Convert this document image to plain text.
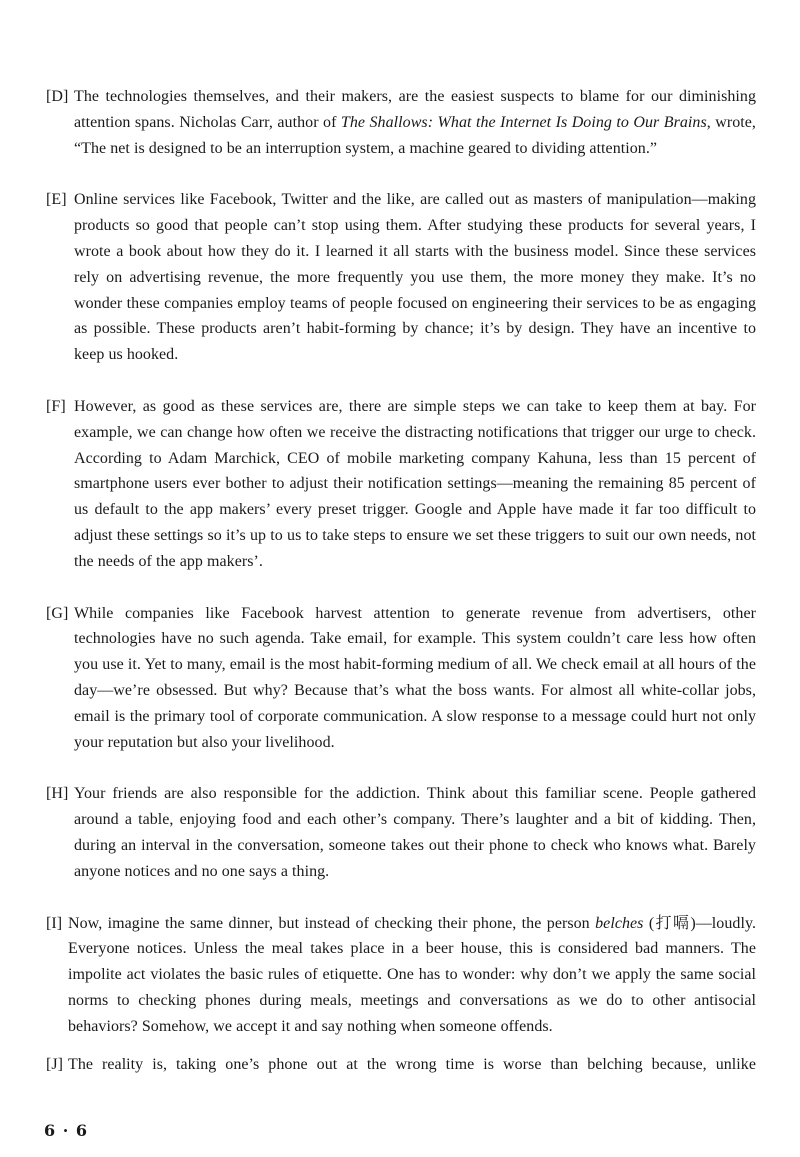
[D] The technologies themselves, and their makers, are the easiest suspects to blame for our diminishing attention spans. Nicholas Carr, author of The Shallows: What the Internet Is Doing to Our Brains, wrote, “The net is designed to be an interruption system, a machine geared to dividing attention.”
[E] Online services like Facebook, Twitter and the like, are called out as masters of manipulation—making products so good that people can’t stop using them. After studying these products for several years, I wrote a book about how they do it. I learned it all starts with the business model. Since these services rely on advertising revenue, the more frequently you use them, the more money they make. It’s no wonder these companies employ teams of people focused on engineering their services to be as engaging as possible. These products aren’t habit-forming by chance; it’s by design. They have an incentive to keep us hooked.
[F] However, as good as these services are, there are simple steps we can take to keep them at bay. For example, we can change how often we receive the distracting notifications that trigger our urge to check. According to Adam Marchick, CEO of mobile marketing company Kahuna, less than 15 percent of smartphone users ever bother to adjust their notification settings—meaning the remaining 85 percent of us default to the app makers’ every preset trigger. Google and Apple have made it far too difficult to adjust these settings so it’s up to us to take steps to ensure we set these triggers to suit our own needs, not the needs of the app makers’.
[G] While companies like Facebook harvest attention to generate revenue from advertisers, other technologies have no such agenda. Take email, for example. This system couldn’t care less how often you use it. Yet to many, email is the most habit-forming medium of all. We check email at all hours of the day—we’re obsessed. But why? Because that’s what the boss wants. For almost all white-collar jobs, email is the primary tool of corporate communication. A slow response to a message could hurt not only your reputation but also your livelihood.
[H] Your friends are also responsible for the addiction. Think about this familiar scene. People gathered around a table, enjoying food and each other’s company. There’s laughter and a bit of kidding. Then, during an interval in the conversation, someone takes out their phone to check who knows what. Barely anyone notices and no one says a thing.
[I] Now, imagine the same dinner, but instead of checking their phone, the person belches (打嗝)—loudly. Everyone notices. Unless the meal takes place in a beer house, this is considered bad manners. The impolite act violates the basic rules of etiquette. One has to wonder: why don’t we apply the same social norms to checking phones during meals, meetings and conversations as we do to other antisocial behaviors? Somehow, we accept it and say nothing when someone offends.
[J] The reality is, taking one’s phone out at the wrong time is worse than belching because, unlike
6 · 6
